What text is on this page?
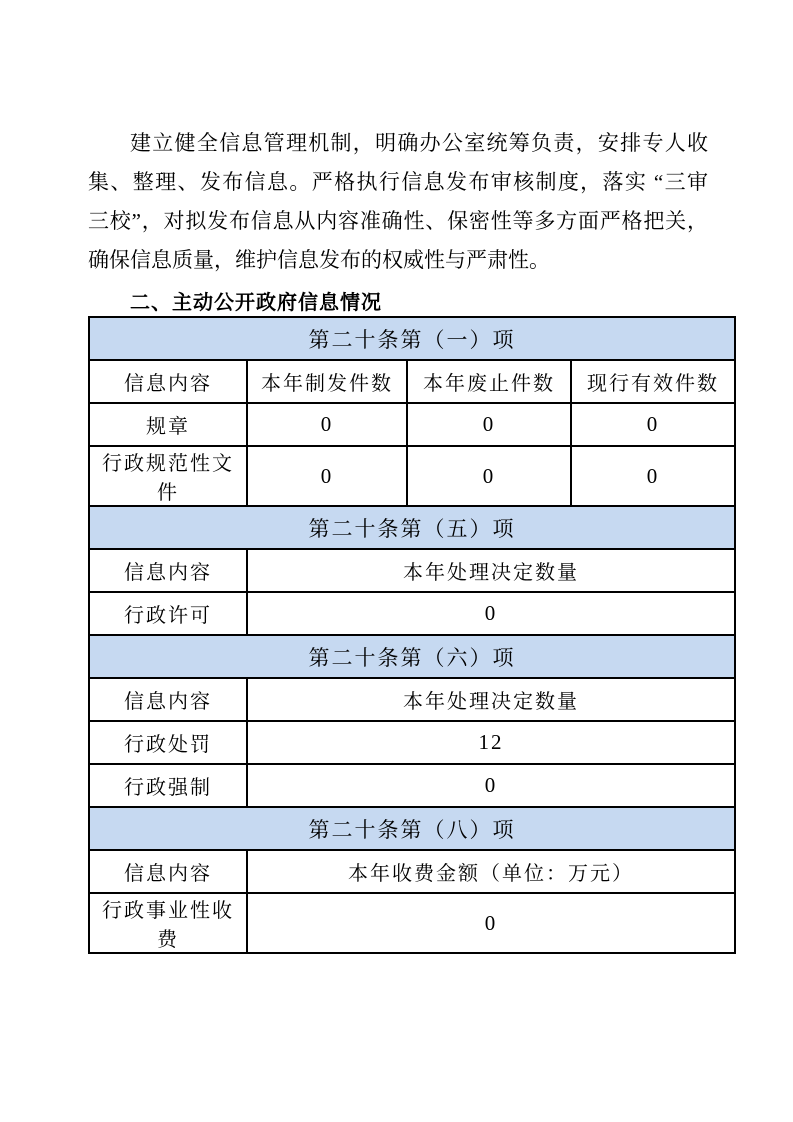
建立健全信息管理机制，明确办公室统筹负责，安排专人收
集、整理、发布信息。严格执行信息发布审核制度，落实 “三审
三校”，对拟发布信息从内容准确性、保密性等多方面严格把关，
确保信息质量，维护信息发布的权威性与严肃性。
二、主动公开政府信息情况
第二十条第（一）项			
信息内容	本年制发件数	本年废止件数	现行有效件数
规章	0	0	0
行政规范性文件	0	0	0
第二十条第（五）项			
信息内容	本年处理决定数量		
行政许可	0		
第二十条第（六）项			
信息内容	本年处理决定数量		
行政处罚	12		
行政强制	0		
第二十条第（八）项			
信息内容	本年收费金额（单位：万元）		
行政事业性收费	0		
